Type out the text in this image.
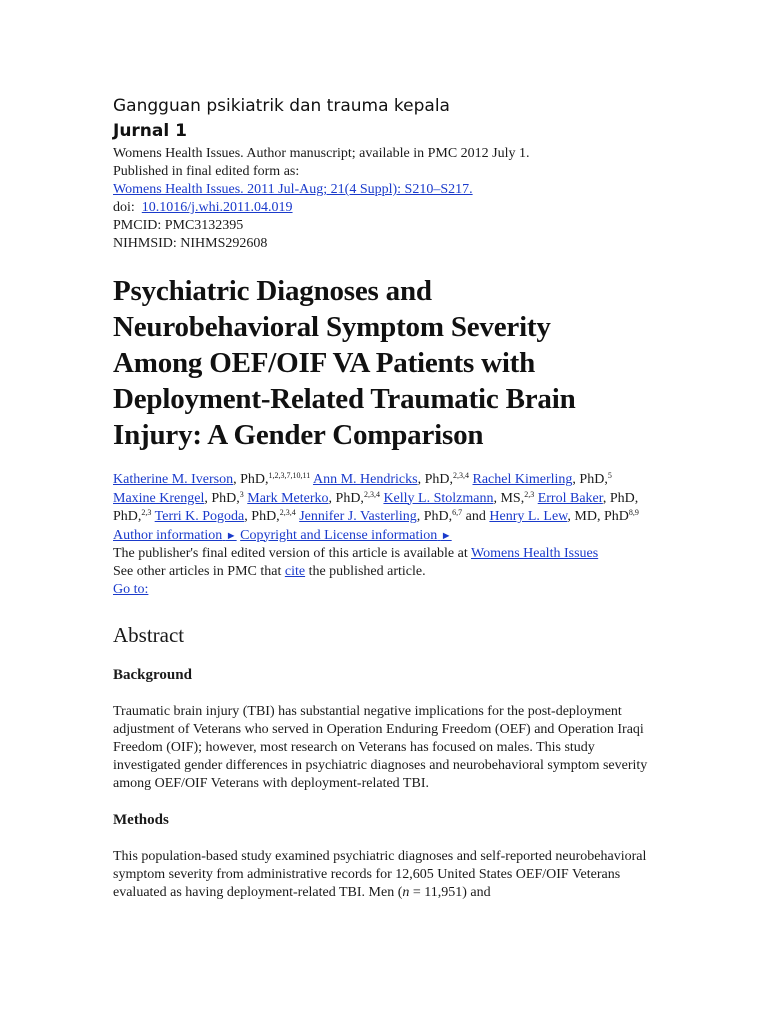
Gangguan psikiatrik dan trauma kepala
Jurnal 1
Womens Health Issues. Author manuscript; available in PMC 2012 July 1.
Published in final edited form as:
Womens Health Issues. 2011 Jul-Aug; 21(4 Suppl): S210–S217.
doi: 10.1016/j.whi.2011.04.019
PMCID: PMC3132395
NIHMSID: NIHMS292608
Psychiatric Diagnoses and
Neurobehavioral Symptom Severity
Among OEF/OIF VA Patients with
Deployment-Related Traumatic Brain
Injury: A Gender Comparison
Katherine M. Iverson, PhD,$^{1,2,3,7,10,11}$ Ann M. Hendricks, PhD,$^{2,3,4}$ Rachel Kimerling, PhD,$^5$
Maxine Krengel, PhD,$^3$ Mark Meterko, PhD,$^{2,3,4}$ Kelly L. Stolzmann, MS,$^{2,3}$ Errol Baker, PhD,
PhD,$^{2,3}$ Terri K. Pogoda, PhD,$^{2,3,4}$ Jennifer J. Vasterling, PhD,$^{6,7}$ and Henry L. Lew, MD, PhD$^{8,9}$
Author information ► Copyright and License information ►
The publisher's final edited version of this article is available at Womens Health Issues
See other articles in PMC that cite the published article.
Go to:
Abstract
Background

Traumatic brain injury (TBI) has substantial negative implications for the post-deployment adjustment of Veterans who served in Operation Enduring Freedom (OEF) and Operation Iraqi Freedom (OIF); however, most research on Veterans has focused on males. This study investigated gender differences in psychiatric diagnoses and neurobehavioral symptom severity among OEF/OIF Veterans with deployment-related TBI.

Methods

This population-based study examined psychiatric diagnoses and self-reported neurobehavioral symptom severity from administrative records for 12,605 United States OEF/OIF Veterans evaluated as having deployment-related TBI. Men (n = 11,951) and
